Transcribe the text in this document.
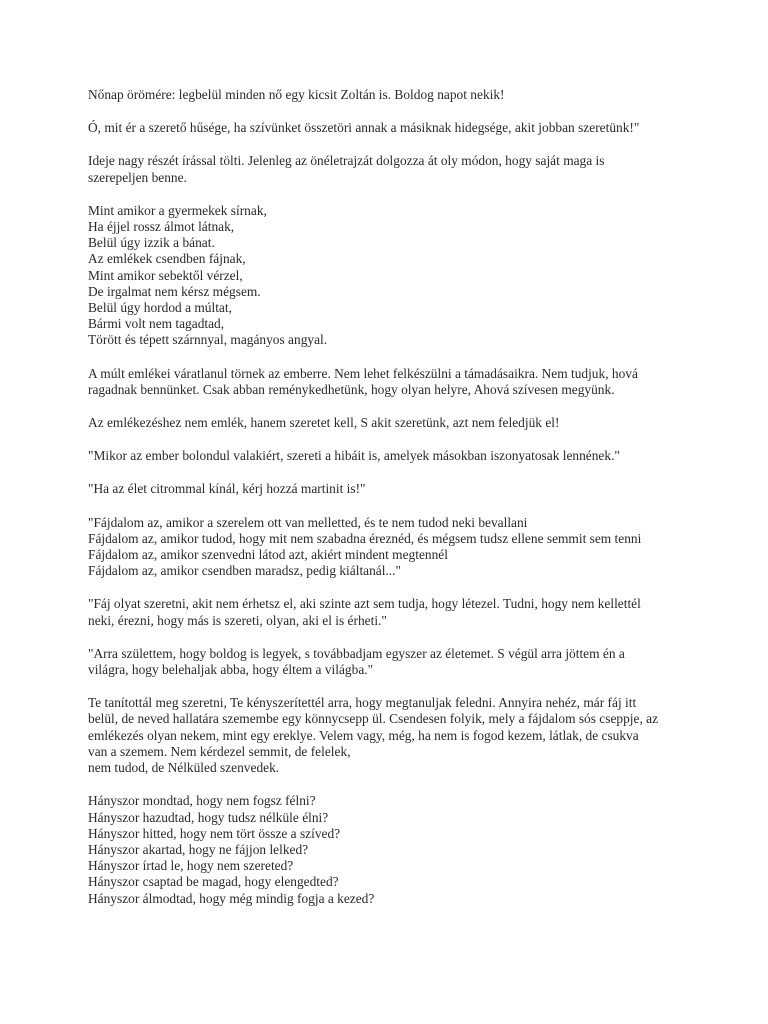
Nőnap örömére: legbelül minden nő egy kicsit Zoltán is. Boldog napot nekik!

Ó, mit ér a szerető hűsége, ha szívünket összetöri annak a másiknak hidegsége, akit jobban szeretünk!"

Ideje nagy részét írással tölti. Jelenleg az önéletrajzát dolgozza át oly módon, hogy saját maga is
szerepeljen benne.

Mint amikor a gyermekek sírnak,
Ha éjjel rossz álmot látnak,
Belül úgy izzik a bánat.
Az emlékek csendben fájnak,
Mint amikor sebektől vérzel,
De irgalmat nem kérsz mégsem.
Belül úgy hordod a múltat,
Bármi volt nem tagadtad,
Törött és tépett szárnnyal, magányos angyal.

A múlt emlékei váratlanul törnek az emberre. Nem lehet felkészülni a támadásaikra. Nem tudjuk, hová
ragadnak bennünket. Csak abban reménykedhetünk, hogy olyan helyre, Ahová szívesen megyünk.

Az emlékezéshez nem emlék, hanem szeretet kell, S akit szeretünk, azt nem feledjük el!

"Mikor az ember bolondul valakiért, szereti a hibáit is, amelyek másokban iszonyatosak lennének."

"Ha az élet citrommal kínál, kérj hozzá martinit is!"

"Fájdalom az, amikor a szerelem ott van melletted, és te nem tudod neki bevallani
Fájdalom az, amikor tudod, hogy mit nem szabadna éreznéd, és mégsem tudsz ellene semmit sem tenni
Fájdalom az, amikor szenvedni látod azt, akiért mindent megtennél
Fájdalom az, amikor csendben maradsz, pedig kiáltanál..."

"Fáj olyat szeretni, akit nem érhetsz el, aki szinte azt sem tudja, hogy létezel. Tudni, hogy nem kellettél
neki, érezni, hogy más is szereti, olyan, aki el is érheti."

"Arra születtem, hogy boldog is legyek, s továbbadjam egyszer az életemet. S végül arra jöttem én a
világra, hogy belehaljak abba, hogy éltem a világba."

Te tanítottál meg szeretni, Te kényszerítettél arra, hogy megtanuljak feledni. Annyira nehéz, már fáj itt
belül, de neved hallatára szemembe egy könnycsepp ül. Csendesen folyik, mely a fájdalom sós cseppje, az
emlékezés olyan nekem, mint egy ereklye. Velem vagy, még, ha nem is fogod kezem, látlak, de csukva
van a szemem. Nem kérdezel semmit, de felelek,
nem tudod, de Nélküled szenvedek.

Hányszor mondtad, hogy nem fogsz félni?
Hányszor hazudtad, hogy tudsz nélküle élni?
Hányszor hitted, hogy nem tört össze a szíved?
Hányszor akartad, hogy ne fájjon lelked?
Hányszor írtad le, hogy nem szereted?
Hányszor csaptad be magad, hogy elengedted?
Hányszor álmodtad, hogy még mindig fogja a kezed?
